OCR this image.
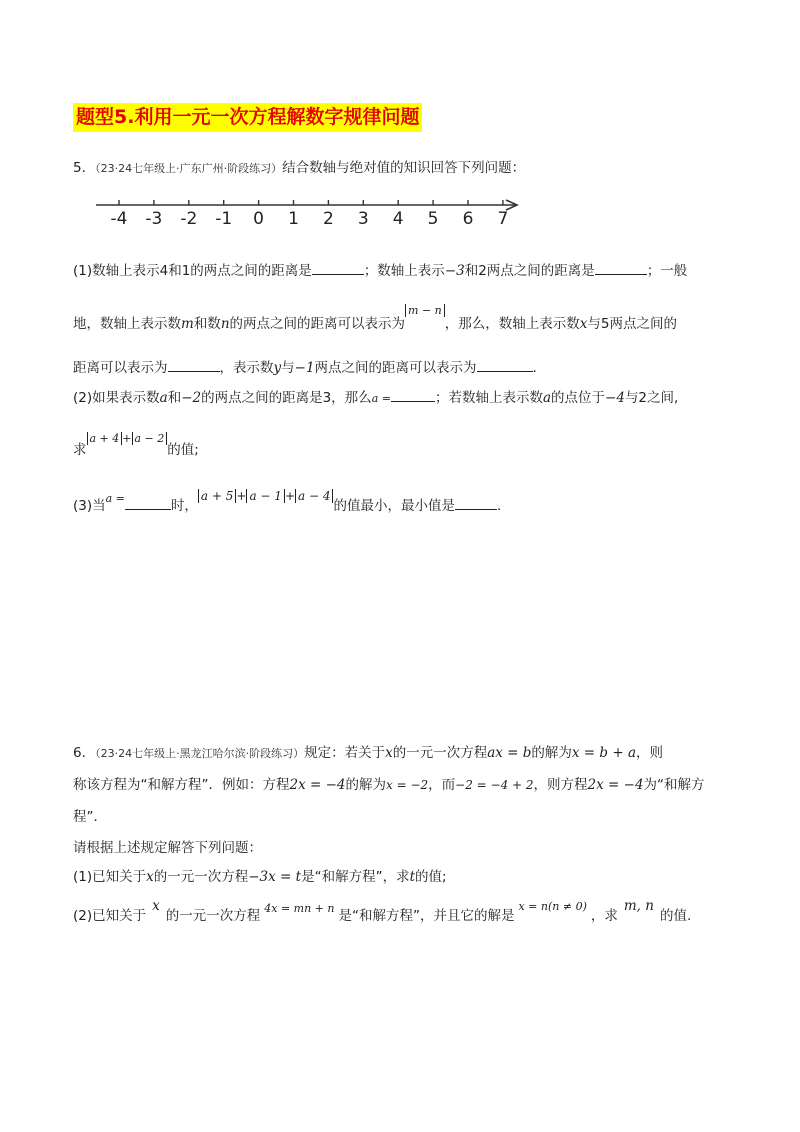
题型5.利用一元一次方程解数字规律问题
5．（23·24七年级上·广东广州·阶段练习）结合数轴与绝对值的知识回答下列问题：
-4 -3 -2 -1 0 1 2 3 4 5 6 7
(1)数轴上表示4和1的两点之间的距离是	；数轴上表示−3和2两点之间的距离是	；一般
地，数轴上表示数m和数n的两点之间的距离可以表示为$^{m - n}$，那么，数轴上表示数x与5两点之间的
距离可以表示为	，表示数y与−1两点之间的距离可以表示为	.
(2)如果表示数a和−2的两点之间的距离是3，那么a =	；若数轴上表示数a的点位于−4与2之间,
求$^{a + 4 + a - 2}$的值;
(3)当$^{a =}$	时，a + 5 + a − 1 + a − 4的值最小，最小值是	.
6．（23·24七年级上·黑龙江哈尔滨·阶段练习）规定：若关于x的一元一次方程ax = b的解为x = b + a，则
称该方程为“和解方程”．例如：方程2x = −4的解为x = −2，而−2 = −4 + 2，则方程2x = −4为“和解方
程”．
请根据上述规定解答下列问题：
(1)已知关于x的一元一次方程−3x = t是“和解方程”，求t的值;
(2)已知关于x的一元一次方程 $^{4x = mn + n}$ 是“和解方程”，并且它的解是$^{x = n(n \ne 0)}$，求m, n的值.
